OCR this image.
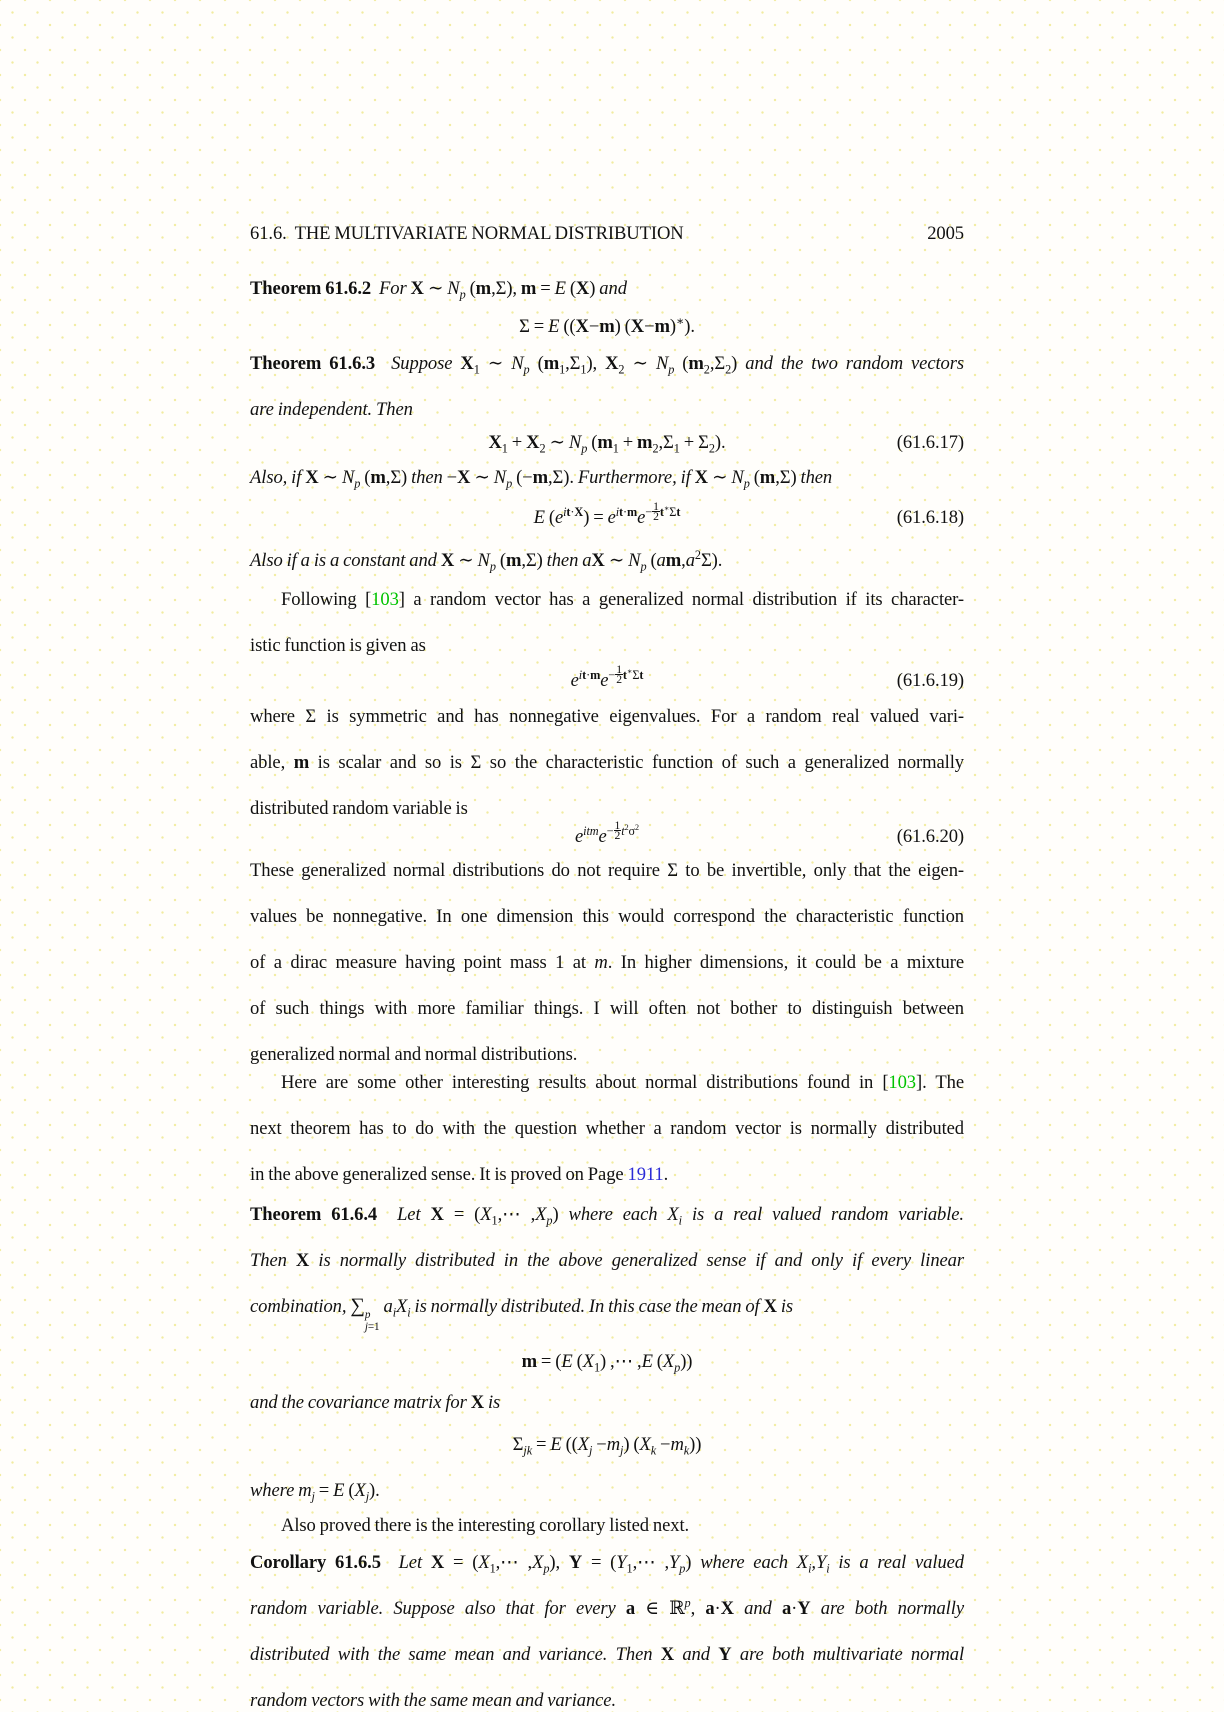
61.6.  THE MULTIVARIATE NORMAL DISTRIBUTION	2005
Theorem 61.6.2 For X ∼ $N_p$ (m,Σ), m = E (X) and
Σ = E ((X−m) (X−m)∗).
Theorem 61.6.3 Suppose $X_1$ ∼ $N_p$ $(m_1,\Sigma_1)$, $X_2$ ∼ $N_p$ $(m_2,\Sigma_2)$ and the two random vectors
are independent. Then
$X_1 + X_2$ ∼ $N_p$ $(m_1 + m_2,\Sigma_1 + \Sigma_2)$.	(61.6.17)
Also, if X ∼ $N_p$ (m,Σ) then −X ∼ $N_p$ (−m,Σ). Furthermore, if X ∼ $N_p$ (m,Σ) then
E $(e^{it\cdot X}) = e^{it\cdot m}e^{- \frac{1}{2} t^∗\Sigma t}$	(61.6.18)
Also if a is a constant and X ∼ $N_p$ (m,Σ) then aX ∼ $N_p$ $(am,a^2\Sigma)$.
Following [103] a random vector has a generalized normal distribution if its character-
istic function is given as
$e^{it\cdot m}e^{- \frac{1}{2} t^∗\Sigma t}$	(61.6.19)
where Σ is symmetric and has nonnegative eigenvalues. For a random real valued vari-
able, m is scalar and so is Σ so the characteristic function of such a generalized normally
distributed random variable is
$e^{itm}e^{- \frac{1}{2} t^2\sigma^2}$	(61.6.20)
These generalized normal distributions do not require Σ to be invertible, only that the eigen-
values be nonnegative. In one dimension this would correspond the characteristic function
of a dirac measure having point mass 1 at m. In higher dimensions, it could be a mixture
of such things with more familiar things. I will often not bother to distinguish between
generalized normal and normal distributions.
Here are some other interesting results about normal distributions found in [103]. The
next theorem has to do with the question whether a random vector is normally distributed
in the above generalized sense. It is proved on Page 1911.
Theorem 61.6.4 Let $X = (X_1,\cdots$ $,X_p$) where each $X_i$ is a real valued random variable.
Then X is normally distributed in the above generalized sense if and only if every linear
combination, ∑ p
j=1
$a_iX_i$ is normally distributed. In this case the mean of X is
m = (E $(X_1)$ ,⋯ ,E $(X_p)$)
and the covariance matrix for X is
$\Sigma_{jk} = E$ ($(X_j -m_j)$ $(X_k -m_k)$)
where $m_j = E$ $(X_j)$.
Also proved there is the interesting corollary listed next.
Corollary 61.6.5 Let $X = (X_1,\cdots$ $,X_p$), $Y = (Y_1,\cdots$ $,Y_p$) where each $X_i,Y_i$ is a real valued
random variable. Suppose also that for every a ∈ ℝ$^p$, a·X and a·Y are both normally
distributed with the same mean and variance. Then X and Y are both multivariate normal
random vectors with the same mean and variance.
